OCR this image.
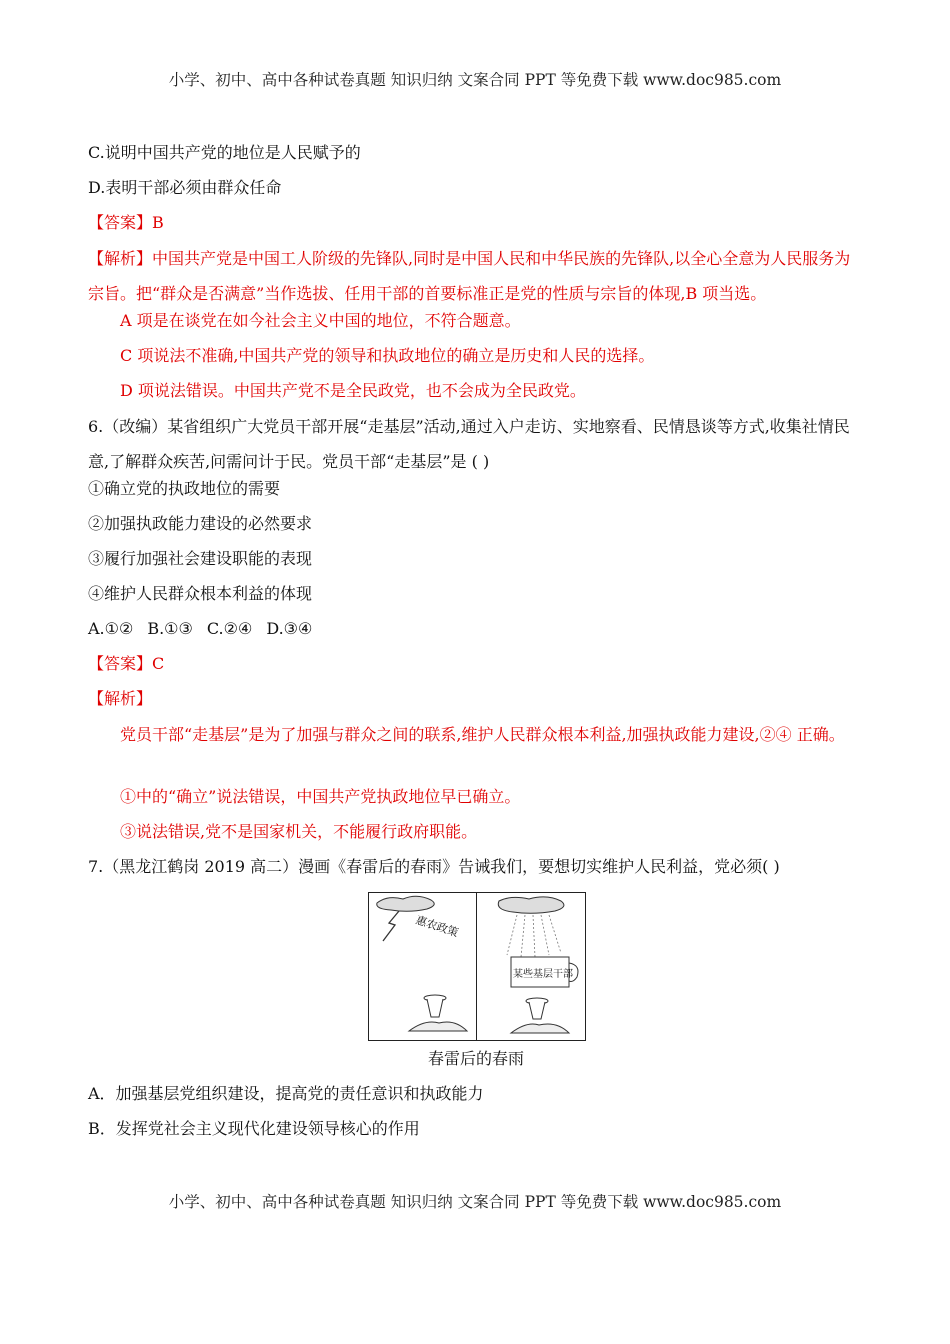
小学、初中、高中各种试卷真题 知识归纳 文案合同 PPT 等免费下载 www.doc985.com
C.说明中国共产党的地位是人民赋予的
D.表明干部必须由群众任命
【答案】B
【解析】中国共产党是中国工人阶级的先锋队,同时是中国人民和中华民族的先锋队,以全心全意为人民服务为宗旨。把“群众是否满意”当作选拔、任用干部的首要标准正是党的性质与宗旨的体现,B 项当选。
A 项是在谈党在如今社会主义中国的地位，不符合题意。
C 项说法不准确,中国共产党的领导和执政地位的确立是历史和人民的选择。
D 项说法错误。中国共产党不是全民政党，也不会成为全民政党。
6.（改编）某省组织广大党员干部开展“走基层”活动,通过入户走访、实地察看、民情恳谈等方式,收集社情民意,了解群众疾苦,问需问计于民。党员干部“走基层”是 ( )
①确立党的执政地位的需要
②加强执政能力建设的必然要求
③履行加强社会建设职能的表现
④维护人民群众根本利益的体现
A.①② B.①③ C.②④ D.③④
【答案】C
【解析】
党员干部“走基层”是为了加强与群众之间的联系,维护人民群众根本利益,加强执政能力建设,②④ 正确。
①中的“确立”说法错误，中国共产党执政地位早已确立。
③说法错误,党不是国家机关，不能履行政府职能。
7.（黑龙江鹤岗 2019 高二）漫画《春雷后的春雨》告诫我们，要想切实维护人民利益，党必须( )
惠农政策
某些基层干部
春雷后的春雨
A．加强基层党组织建设，提高党的责任意识和执政能力
B．发挥党社会主义现代化建设领导核心的作用
小学、初中、高中各种试卷真题 知识归纳 文案合同 PPT 等免费下载 www.doc985.com
